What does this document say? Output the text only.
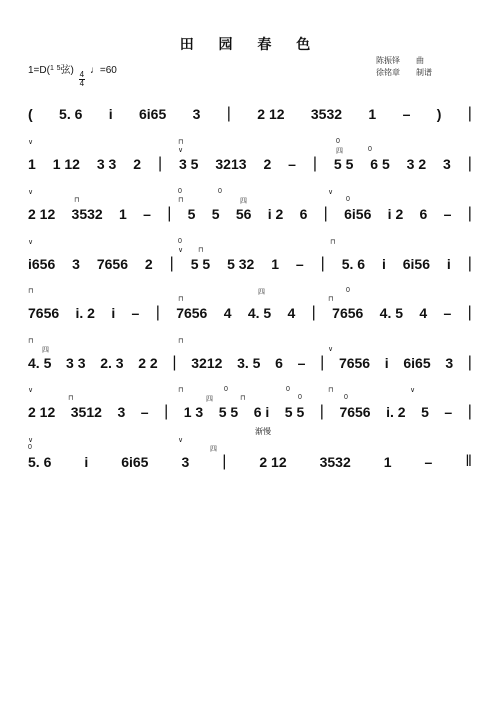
田 园 春 色
陈振铎 曲
徐铭章 制谱
1=D($^1$ $^5$弦)
$\frac{4}{4}$
♩=60
( 5. 6 i 6i65 3 | 2 12 3532 1 – ) |
∨
∨
⊓
四
0
0
1 1 12 3 3 2 | 3 5 3213 2 – | 5 5 6 5 3 2 3 |
∨
⊓
0
⊓
0
四
∨
0
2 12 3532 1 – | 5 5 56 i 2 6 | 6i56 i 2 6 – |
∨
∨
0
⊓
⊓
i656 3 7656 2 | 5 5 5 32 1 – | 5. 6 i 6i56 i |
⊓
⊓
四
⊓
0
7656 i. 2 i – | 7656 4 4. 5 4 | 7656 4. 5 4 – |
⊓
四
⊓
∨
4. 5 3 3 2. 3 2 2 | 3212 3. 5 6 – | 7656 i 6i65 3 |
∨
⊓
⊓
四
0
⊓
0
0
⊓
0
∨
2 12 3512 3 – | 1 3 5 5 6 i 5 5 | 7656 i. 2 5 – |
∨
0
∨
四
5. 6 i 6i65 3 | 2 12 3532 1 – ‖
渐慢
